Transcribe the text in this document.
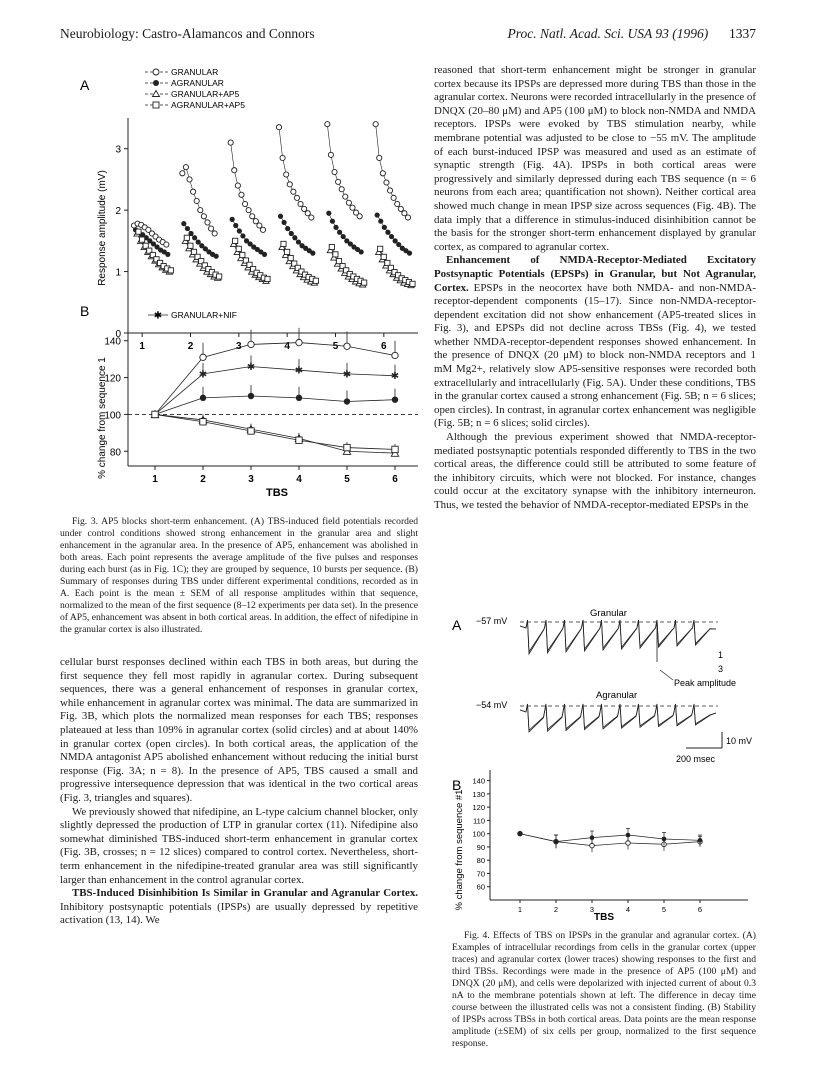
Neurobiology: Castro-Alamancos and Connors	Proc. Natl. Acad. Sci. USA 93 (1996) 1337
A
GRANULAR
AGRANULAR
GRANULAR+AP5
AGRANULAR+AP5
Response amplitude (mV)
0
1
2
3
1	2	3	4	5	6
B	✱ GRANULAR+NIF
% change from sequence 1
TBS
80
100
120
140
1	2	3	4	5	6
✱
✱	✱	✱	✱

Fig. 3. AP5 blocks short-term enhancement. (A) TBS-induced field potentials recorded under control conditions showed strong enhancement in the granular area and slight enhancement in the agranular area. In the presence of AP5, enhancement was abolished in both areas. Each point represents the average amplitude of the five pulses and responses during each burst (as in Fig. 1C); they are grouped by sequence, 10 bursts per sequence. (B) Summary of responses during TBS under different experimental conditions, recorded as in A. Each point is the mean ± SEM of all response amplitudes within that sequence, normalized to the mean of the first sequence (8–12 experiments per data set). In the presence of AP5, enhancement was absent in both cortical areas. In addition, the effect of nifedipine in the granular cortex is also illustrated.

cellular burst responses declined within each TBS in both areas, but during the first sequence they fell most rapidly in agranular cortex. During subsequent sequences, there was a general enhancement of responses in granular cortex, while enhancement in agranular cortex was minimal. The data are summarized in Fig. 3B, which plots the normalized mean responses for each TBS; responses plateaued at less than 109% in agranular cortex (solid circles) and at about 140% in granular cortex (open circles). In both cortical areas, the application of the NMDA antagonist AP5 abolished enhancement without reducing the initial burst response (Fig. 3A; n = 8). In the presence of AP5, TBS caused a small and progressive intersequence depression that was identical in the two cortical areas (Fig. 3, triangles and squares).

We previously showed that nifedipine, an L-type calcium channel blocker, only slightly depressed the production of LTP in granular cortex (11). Nifedipine also somewhat diminished TBS-induced short-term enhancement in granular cortex (Fig. 3B, crosses; n = 12 slices) compared to control cortex. Nevertheless, short-term enhancement in the nifedipine-treated granular area was still significantly larger than enhancement in the control agranular cortex.

TBS-Induced Disinhibition Is Similar in Granular and Agranular Cortex. Inhibitory postsynaptic potentials (IPSPs) are usually depressed by repetitive activation (13, 14). We

reasoned that short-term enhancement might be stronger in granular cortex because its IPSPs are depressed more during TBS than those in the agranular cortex. Neurons were recorded intracellularly in the presence of DNQX (20–80 μM) and AP5 (100 μM) to block non-NMDA and NMDA receptors. IPSPs were evoked by TBS stimulation nearby, while membrane potential was adjusted to be close to −55 mV. The amplitude of each burst-induced IPSP was measured and used as an estimate of synaptic strength (Fig. 4A). IPSPs in both cortical areas were progressively and similarly depressed during each TBS sequence (n = 6 neurons from each area; quantification not shown). Neither cortical area showed much change in mean IPSP size across sequences (Fig. 4B). The data imply that a difference in stimulus-induced disinhibition cannot be the basis for the stronger short-term enhancement displayed by granular cortex, as compared to agranular cortex.

Enhancement of NMDA-Receptor-Mediated Excitatory Postsynaptic Potentials (EPSPs) in Granular, but Not Agranular, Cortex. EPSPs in the neocortex have both NMDA- and non-NMDA-receptor-dependent components (15–17). Since non-NMDA-receptor-dependent excitation did not show enhancement (AP5-treated slices in Fig. 3), and EPSPs did not decline across TBSs (Fig. 4), we tested whether NMDA-receptor-dependent responses showed enhancement. In the presence of DNQX (20 μM) to block non-NMDA receptors and 1 mM Mg2+, relatively slow AP5-sensitive responses were recorded both extracellularly and intracellularly (Fig. 5A). Under these conditions, TBS in the granular cortex caused a strong enhancement (Fig. 5B; n = 6 slices; open circles). In contrast, in agranular cortex enhancement was negligible (Fig. 5B; n = 6 slices; solid circles).

Although the previous experiment showed that NMDA-receptor-mediated postsynaptic potentials responded differently to TBS in the two cortical areas, the difference could still be attributed to some feature of the inhibitory circuits, which were not blocked. For instance, changes could occur at the excitatory synapse with the inhibitory interneuron. Thus, we tested the behavior of NMDA-receptor-mediated EPSPs in the

A
Granular
−57 mV
1
3
Peak amplitude
Agranular
−54 mV
10 mV
200 msec
B
% change from sequence #1
TBS
60
70
80
90
100
110
120
130
140
1	2	3	4	5	6

Fig. 4. Effects of TBS on IPSPs in the granular and agranular cortex. (A) Examples of intracellular recordings from cells in the granular cortex (upper traces) and agranular cortex (lower traces) showing responses to the first and third TBSs. Recordings were made in the presence of AP5 (100 μM) and DNQX (20 μM), and cells were depolarized with injected current of about 0.3 nA to the membrane potentials shown at left. The difference in decay time course between the illustrated cells was not a consistent finding. (B) Stability of IPSPs across TBSs in both cortical areas. Data points are the mean response amplitude (±SEM) of six cells per group, normalized to the first sequence response.
